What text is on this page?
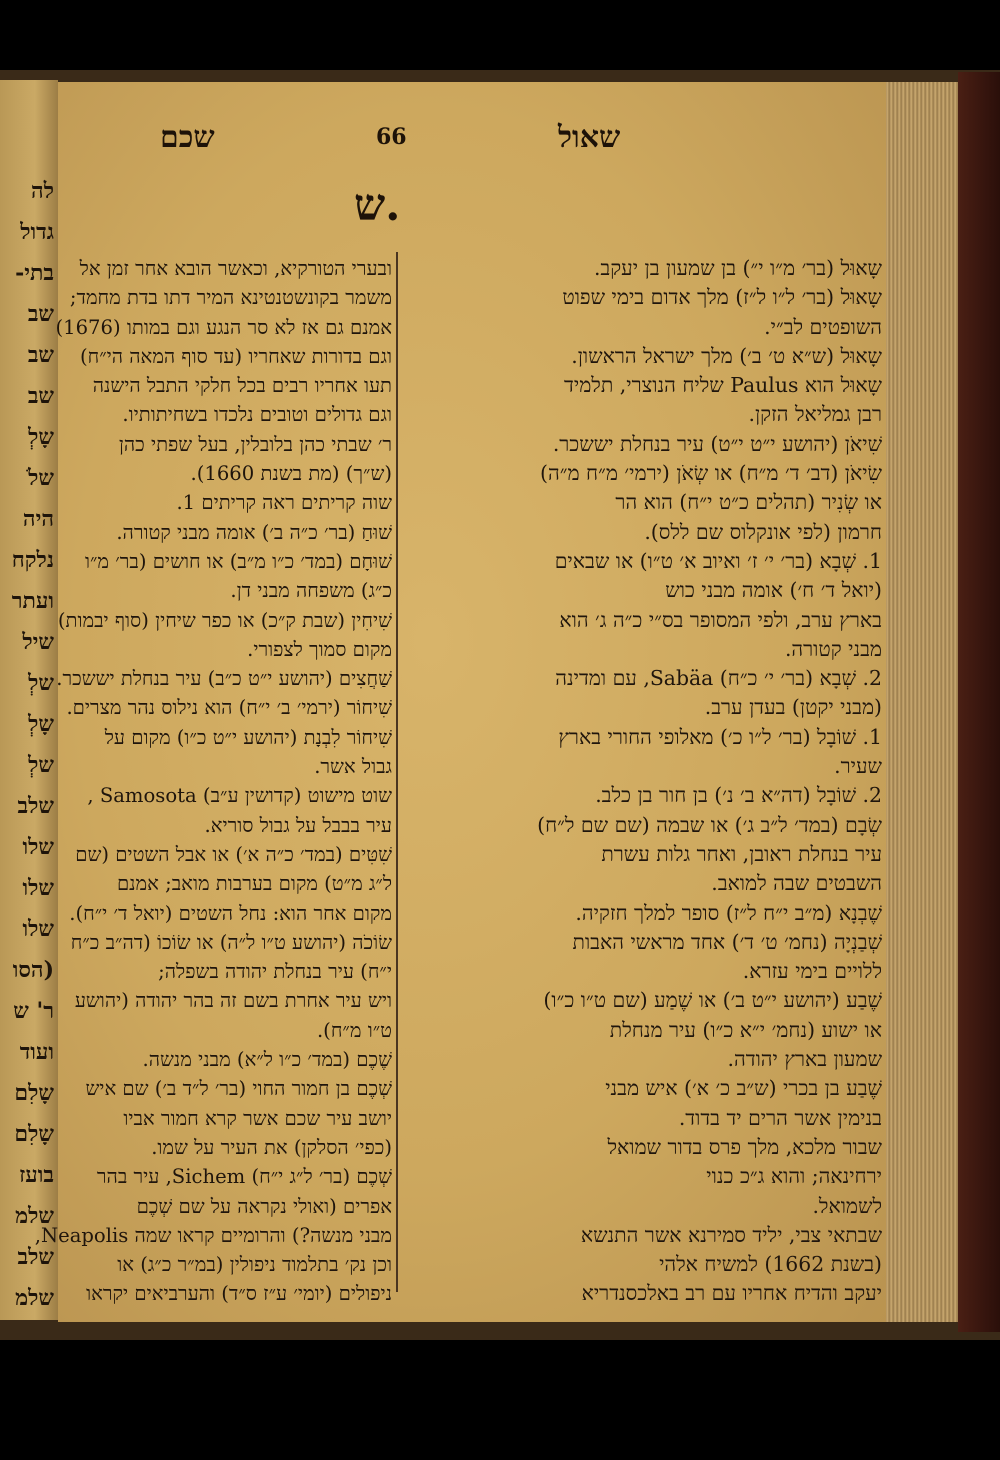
לה
גדול
בתי-
שב
שב
שב
שָלְ
שלֹ
היה
נלקח
ועתר
שיל
שלְ
שָלְ
שלְ
שלב
שלו
שלו
שלו
(הסו
ר' ש
ועוד
שָלִם
שָלִם
בועז
שלמ
שלב
שלמ
שכם	66	שאול
ש.
שָאוּל (בר׳ מ״ו י״) בן שמעון בן יעקב.
שָאוּל (בר׳ ל״ו ל״ז) מלך אדום בימי שפוט
השופטים לב״י.
שָאוּל (ש״א ט׳ ב׳) מלך ישראל הראשון.
שָאוּל הוא Paulus שליח הנוצרי, תלמיד
רבן גמליאל הזקן.
שִׁיאֹן (יהושע י״ט י״ט) עיר בנחלת יששכר.
שִׂיאֹן (דב׳ ד׳ מ״ח) או שְׂאֹן (ירמי׳ מ״ח מ״ה)
או שְׂנִיר (תהלים כ״ט י״ח) הוא הר
חרמון (לפי אונקלוס שם ללס).
1. שְׁבָא (בר׳ י׳ ז׳ ואיוב א׳ ט״ו) או שבאים
(יואל ד׳ ח׳) אומה מבני כוש
בארץ ערב, ולפי המסופר בס״י כ״ה ג׳ הוא
מבני קטורה.
2. שְׁבָא (בר׳ י׳ כ״ח) Sabäa, עם ומדינה
(מבני יקטן) בעדן ערב.
1. שׁוֹבָל (בר׳ ל״ו כ׳) מאלופי החורי בארץ
שעיר.
2. שׁוֹבָל (דה״א ב׳ נ׳) בן חור בן כלב.
שְׂבָם (במד׳ ל״ב ג׳) או שבמה (שם שם ל״ח)
עיר בנחלת ראובן, ואחר גלות עשרת
השבטים שבה למואב.
שֶׁבְנָא (מ״ב י״ח ל״ז) סופר למלך חזקיה.
שְׁבַנְיָה (נחמ׳ ט׳ ד׳) אחד מראשי האבות
ללויים בימי עזרא.
שֶׁבַע (יהושע י״ט ב׳) או שֶׁמַע (שם ט״ו כ״ו)
או ישוע (נחמ׳ י״א כ״ו) עיר מנחלת
שמעון בארץ יהודה.
שֶׁבַע בן בכרי (ש״ב כ׳ א׳) איש מבני
בנימין אשר הרים יד בדוד.
שבור מלכא, מלך פרס בדור שמואל
ירחינאה; והוא ג״כ כנוי
לשמואל.
שבתאי צבי, יליד סמירנא אשר התנשא
(בשנת 1662) למשיח אלהי
יעקב והדיח אחריו עם רב באלכסנדריא
ובערי הטורקיא, וכאשר הובא אחר זמן אל
משמר בקונשטנטינא המיר דתו בדת מחמד;
אמנם גם אז לא סר הנגע וגם במותו (1676)
וגם בדורות שאחריו (עד סוף המאה הי״ח)
תעו אחריו רבים בכל חלקי התבל הישנה
וגם גדולים וטובים נלכדו בשחיתותיו.
ר׳ שבתי כהן בלובלין, בעל שפתי כהן
(ש״ך) (מת בשנת 1660).
שוה קריתים ראה קריתים 1.
שׁוּחַ (בר׳ כ״ה ב׳) אומה מבני קטורה.
שׁוּחָם (במד׳ כ״ו מ״ב) או חושים (בר׳ מ״ו
כ״ג) משפחה מבני דן.
שִׁיחִין (שבת ק״כ) או כפר שיחין (סוף יבמות)
מקום סמוך לצפורי.
שַׁחֲצִים (יהושע י״ט כ״ב) עיר בנחלת יששכר.
שִׁיחוֹר (ירמי׳ ב׳ י״ח) הוא נילוס נהר מצרים.
שִׁיחוֹר לִבְנָת (יהושע י״ט כ״ו) מקום על
גבול אשר.
שוט מישוט (קדושין ע״ב) Samosota ,
עיר בבבל על גבול סוריא.
שִׁטִּים (במד׳ כ״ה א׳) או אבל השטים (שם
ל״ג מ״ט) מקום בערבות מואב; אמנם
מקום אחר הוא: נחל השטים (יואל ד׳ י״ח).
שׂוֹכֹה (יהושע ט״ו ל״ה) או שׂוֹכוֹ (דה״ב כ״ח
י״ח) עיר בנחלת יהודה בשפלה;
ויש עיר אחרת בשם זה בהר יהודה (יהושע
ט״ו מ״ח).
שֶׁכֶם (במד׳ כ״ו ל״א) מבני מנשה.
שְׁכֶם בן חמור החוי (בר׳ ל״ד ב׳) שם איש
יושב עיר שכם אשר קרא חמור אביו
(כפי׳ הסלקן) את העיר על שמו.
שְׁכֶם (בר׳ ל״ג י״ח) Sichem, עיר בהר
אפרים (ואולי נקראה על שם שְׁכֶם
מבני מנשה?) והרומיים קראו שמה Neapolis,
וכן נק׳ בתלמוד ניפולין (במ״ר כ״ג) או
ניפולים (יומי׳ ע״ז ס״ד) והערביאים יקראו
